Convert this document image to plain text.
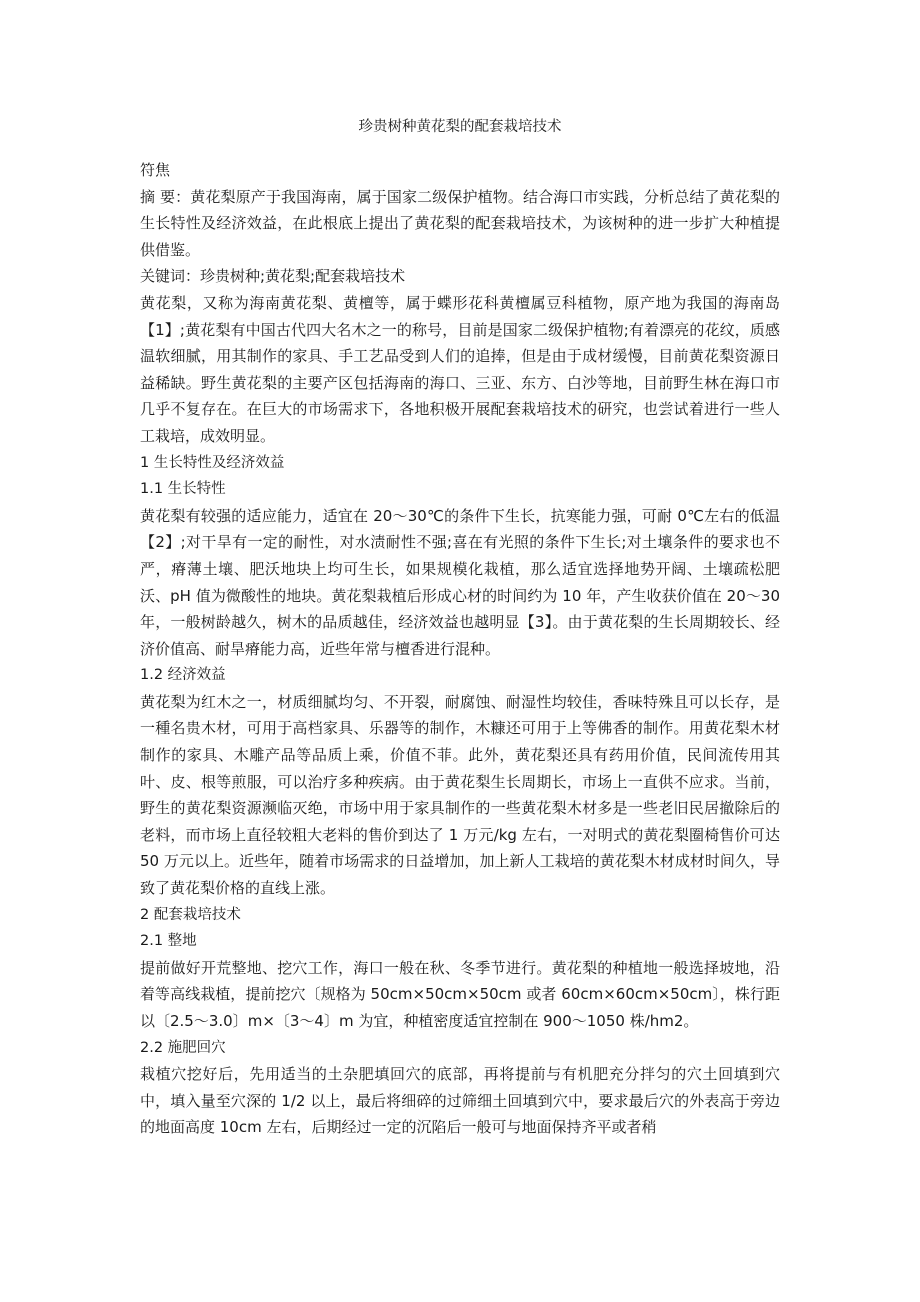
珍贵树种黄花梨的配套栽培技术

符焦

摘 要：黄花梨原产于我国海南，属于国家二级保护植物。结合海口市实践，分析总结了黄花梨的生长特性及经济效益，在此根底上提出了黄花梨的配套栽培技术，为该树种的进一步扩大种植提供借鉴。

关键词：珍贵树种;黄花梨;配套栽培技术

黄花梨，又称为海南黄花梨、黄檀等，属于蝶形花科黄檀属豆科植物，原产地为我国的海南岛【1】;黄花梨有中国古代四大名木之一的称号，目前是国家二级保护植物;有着漂亮的花纹，质感温软细腻，用其制作的家具、手工艺品受到人们的追捧，但是由于成材缓慢，目前黄花梨资源日益稀缺。野生黄花梨的主要产区包括海南的海口、三亚、东方、白沙等地，目前野生林在海口市几乎不复存在。在巨大的市场需求下，各地积极开展配套栽培技术的研究，也尝试着进行一些人工栽培，成效明显。

1 生长特性及经济效益

1.1 生长特性

黄花梨有较强的适应能力，适宜在 20～30℃的条件下生长，抗寒能力强，可耐 0℃左右的低温【2】;对干旱有一定的耐性，对水渍耐性不强;喜在有光照的条件下生长;对土壤条件的要求也不严，瘠薄土壤、肥沃地块上均可生长，如果规模化栽植，那么适宜选择地势开阔、土壤疏松肥沃、pH 值为微酸性的地块。黄花梨栽植后形成心材的时间约为 10 年，产生收获价值在 20～30 年，一般树龄越久，树木的品质越佳，经济效益也越明显【3】。由于黄花梨的生长周期较长、经济价值高、耐旱瘠能力高，近些年常与檀香进行混种。

1.2 经济效益

黄花梨为红木之一，材质细腻均匀、不开裂，耐腐蚀、耐湿性均较佳，香味特殊且可以长存，是一種名贵木材，可用于高档家具、乐器等的制作，木糠还可用于上等佛香的制作。用黄花梨木材制作的家具、木雕产品等品质上乘，价值不菲。此外，黄花梨还具有药用价值，民间流传用其叶、皮、根等煎服，可以治疗多种疾病。由于黄花梨生长周期长，市场上一直供不应求。当前，野生的黄花梨资源濒临灭绝，市场中用于家具制作的一些黄花梨木材多是一些老旧民居撤除后的老料，而市场上直径较粗大老料的售价到达了 1 万元/kg 左右，一对明式的黄花梨圈椅售价可达 50 万元以上。近些年，随着市场需求的日益增加，加上新人工栽培的黄花梨木材成材时间久，导致了黄花梨价格的直线上涨。

2 配套栽培技术

2.1 整地

提前做好开荒整地、挖穴工作，海口一般在秋、冬季节进行。黄花梨的种植地一般选择坡地，沿着等高线栽植，提前挖穴〔规格为 50cm×50cm×50cm 或者 60cm×60cm×50cm〕，株行距以〔2.5～3.0〕m×〔3～4〕m 为宜，种植密度适宜控制在 900～1050 株/hm2。

2.2 施肥回穴

栽植穴挖好后，先用适当的土杂肥填回穴的底部，再将提前与有机肥充分拌匀的穴土回填到穴中，填入量至穴深的 1/2 以上，最后将细碎的过筛细土回填到穴中，要求最后穴的外表高于旁边的地面高度 10cm 左右，后期经过一定的沉陷后一般可与地面保持齐平或者稍
